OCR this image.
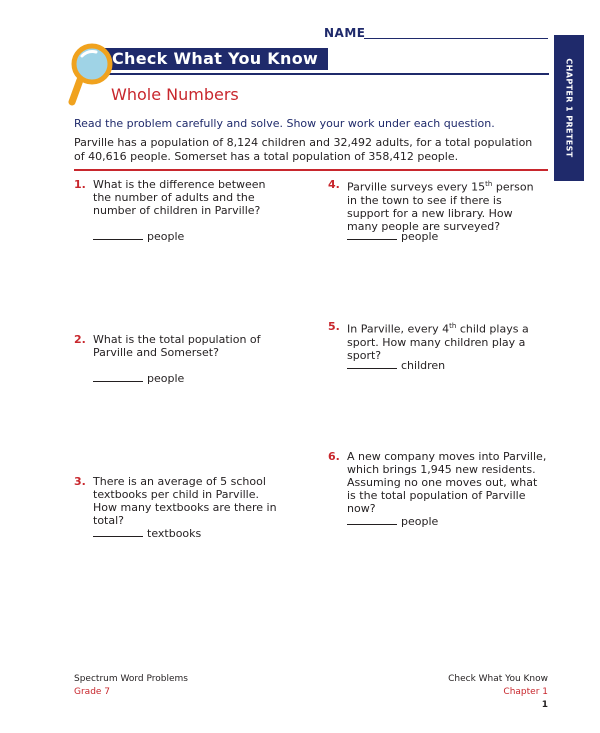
NAME
Check What You Know
Whole Numbers	CHAPTER 1 PRETEST
Read the problem carefully and solve. Show your work under each question.
Parville has a population of 8,124 children and 32,492 adults, for a total population of 40,616 people. Somerset has a total population of 358,412 people.
1. What is the difference between the number of adults and the number of children in Parville?
people
2. What is the total population of Parville and Somerset?
people
3. There is an average of 5 school textbooks per child in Parville. How many textbooks are there in total?
textbooks
4. Parville surveys every 15th person in the town to see if there is support for a new library. How many people are surveyed?
people
5. In Parville, every 4th child plays a sport. How many children play a sport?
children
6. A new company moves into Parville, which brings 1,945 new residents. Assuming no one moves out, what is the total population of Parville now?
people
Spectrum Word Problems
Grade 7
Check What You Know
Chapter 1
1
